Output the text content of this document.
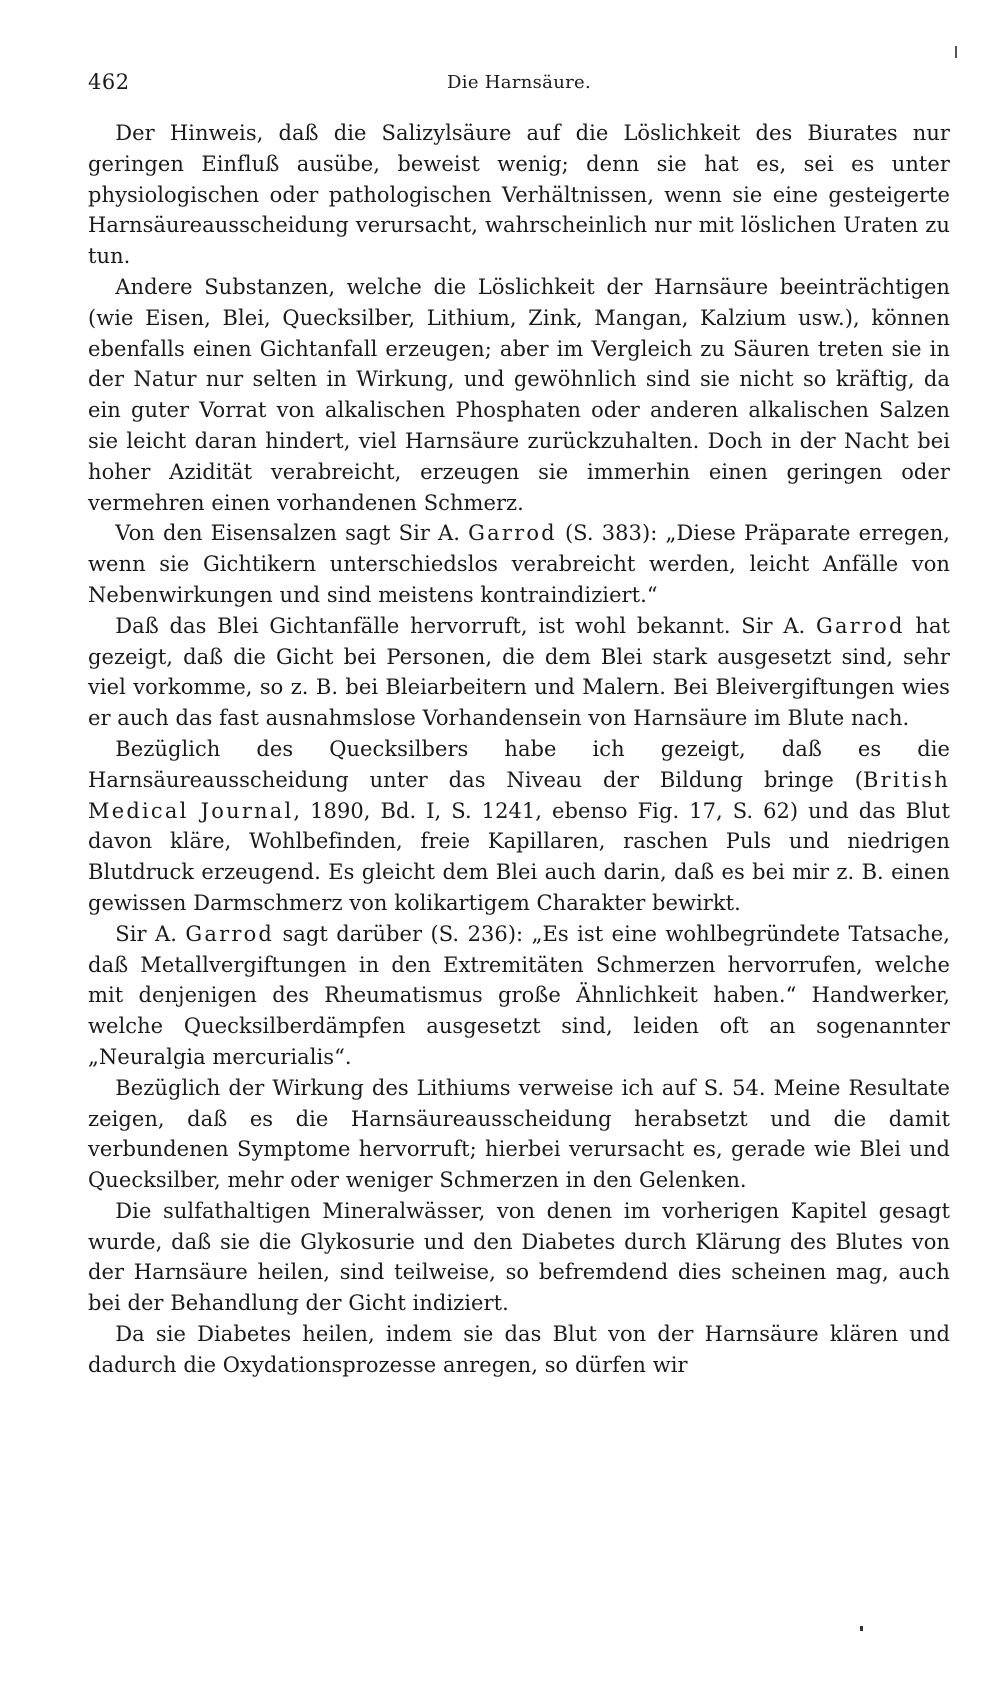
462	Die Harnsäure.

Der Hinweis, daß die Salizylsäure auf die Löslichkeit des Biurates nur geringen Einfluß ausübe, beweist wenig; denn sie hat es, sei es unter physiologischen oder pathologischen Verhältnissen, wenn sie eine gesteigerte Harnsäureausscheidung verursacht, wahrscheinlich nur mit löslichen Uraten zu tun.

Andere Substanzen, welche die Löslichkeit der Harnsäure beeinträchtigen (wie Eisen, Blei, Quecksilber, Lithium, Zink, Mangan, Kalzium usw.), können ebenfalls einen Gichtanfall erzeugen; aber im Vergleich zu Säuren treten sie in der Natur nur selten in Wirkung, und gewöhnlich sind sie nicht so kräftig, da ein guter Vorrat von alkalischen Phosphaten oder anderen alkalischen Salzen sie leicht daran hindert, viel Harnsäure zurückzuhalten. Doch in der Nacht bei hoher Azidität verabreicht, erzeugen sie immerhin einen geringen oder vermehren einen vorhandenen Schmerz.

Von den Eisensalzen sagt Sir A. Garrod (S. 383): „Diese Präparate erregen, wenn sie Gichtikern unterschiedslos verabreicht werden, leicht Anfälle von Nebenwirkungen und sind meistens kontraindiziert.“

Daß das Blei Gichtanfälle hervorruft, ist wohl bekannt. Sir A. Garrod hat gezeigt, daß die Gicht bei Personen, die dem Blei stark ausgesetzt sind, sehr viel vorkomme, so z. B. bei Bleiarbeitern und Malern. Bei Bleivergiftungen wies er auch das fast ausnahmslose Vorhandensein von Harnsäure im Blute nach.

Bezüglich des Quecksilbers habe ich gezeigt, daß es die Harnsäureausscheidung unter das Niveau der Bildung bringe (British Medical Journal, 1890, Bd. I, S. 1241, ebenso Fig. 17, S. 62) und das Blut davon kläre, Wohlbefinden, freie Kapillaren, raschen Puls und niedrigen Blutdruck erzeugend. Es gleicht dem Blei auch darin, daß es bei mir z. B. einen gewissen Darmschmerz von kolikartigem Charakter bewirkt.

Sir A. Garrod sagt darüber (S. 236): „Es ist eine wohlbegründete Tatsache, daß Metallvergiftungen in den Extremitäten Schmerzen hervorrufen, welche mit denjenigen des Rheumatismus große Ähnlichkeit haben.“ Handwerker, welche Quecksilberdämpfen ausgesetzt sind, leiden oft an sogenannter „Neuralgia mercurialis“.

Bezüglich der Wirkung des Lithiums verweise ich auf S. 54. Meine Resultate zeigen, daß es die Harnsäureausscheidung herabsetzt und die damit verbundenen Symptome hervorruft; hierbei verursacht es, gerade wie Blei und Quecksilber, mehr oder weniger Schmerzen in den Gelenken.

Die sulfathaltigen Mineralwässer, von denen im vorherigen Kapitel gesagt wurde, daß sie die Glykosurie und den Diabetes durch Klärung des Blutes von der Harnsäure heilen, sind teilweise, so befremdend dies scheinen mag, auch bei der Behandlung der Gicht indiziert.

Da sie Diabetes heilen, indem sie das Blut von der Harnsäure klären und dadurch die Oxydationsprozesse anregen, so dürfen wir
